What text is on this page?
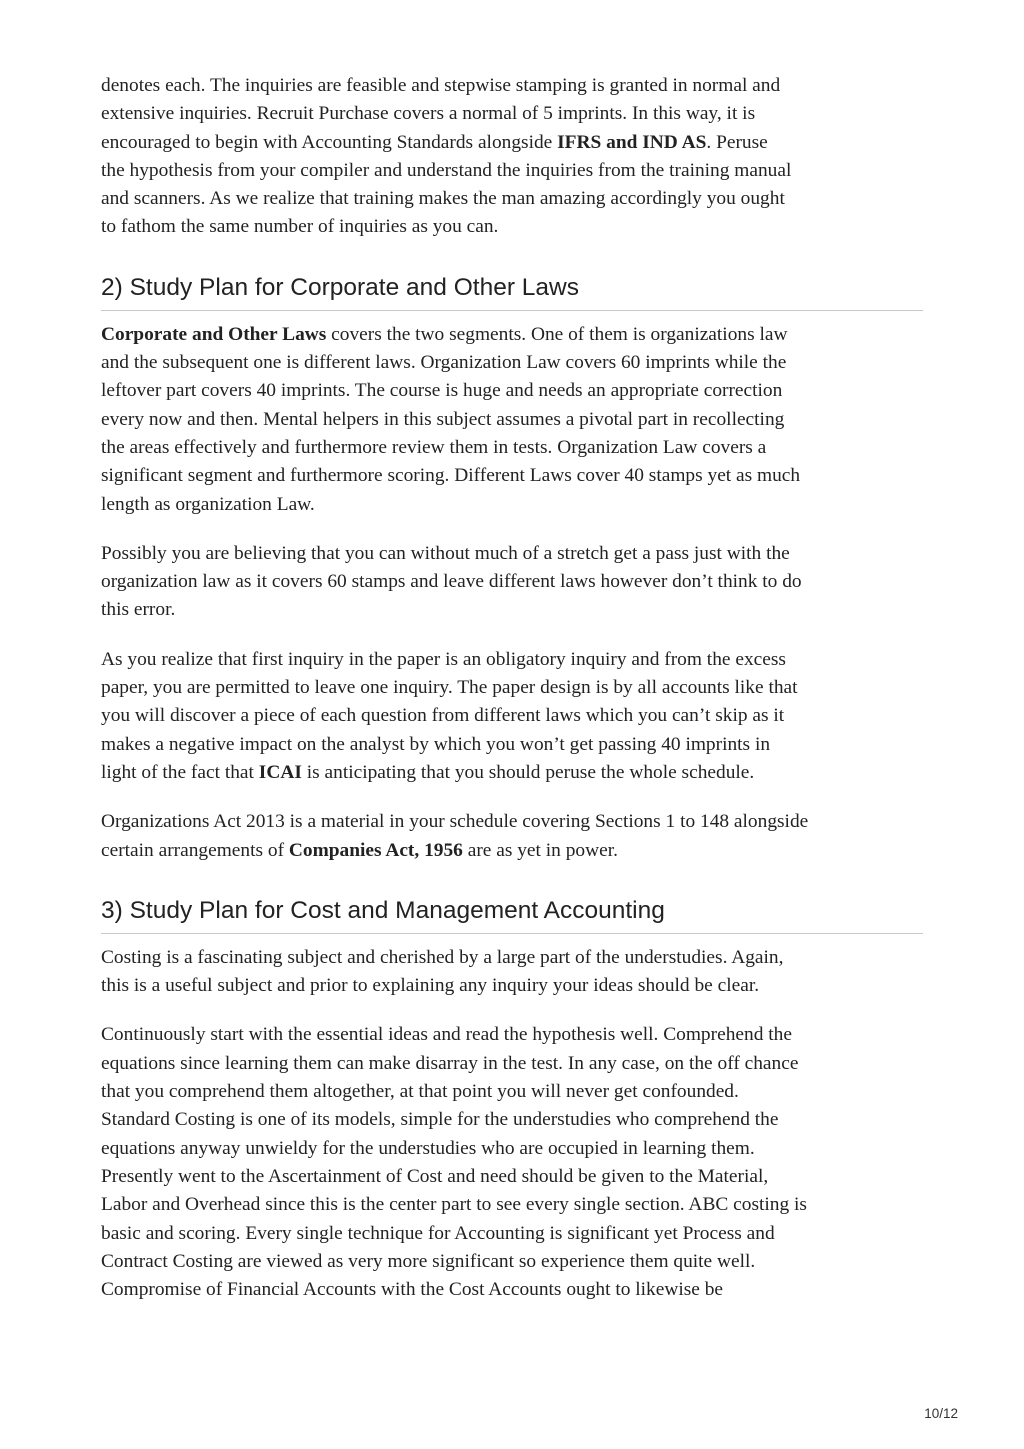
denotes each. The inquiries are feasible and stepwise stamping is granted in normal and
extensive inquiries. Recruit Purchase covers a normal of 5 imprints. In this way, it is
encouraged to begin with Accounting Standards alongside IFRS and IND AS. Peruse
the hypothesis from your compiler and understand the inquiries from the training manual
and scanners. As we realize that training makes the man amazing accordingly you ought
to fathom the same number of inquiries as you can.

2) Study Plan for Corporate and Other Laws

Corporate and Other Laws covers the two segments. One of them is organizations law
and the subsequent one is different laws. Organization Law covers 60 imprints while the
leftover part covers 40 imprints. The course is huge and needs an appropriate correction
every now and then. Mental helpers in this subject assumes a pivotal part in recollecting
the areas effectively and furthermore review them in tests. Organization Law covers a
significant segment and furthermore scoring. Different Laws cover 40 stamps yet as much
length as organization Law.

Possibly you are believing that you can without much of a stretch get a pass just with the
organization law as it covers 60 stamps and leave different laws however don’t think to do
this error.

As you realize that first inquiry in the paper is an obligatory inquiry and from the excess
paper, you are permitted to leave one inquiry. The paper design is by all accounts like that
you will discover a piece of each question from different laws which you can’t skip as it
makes a negative impact on the analyst by which you won’t get passing 40 imprints in
light of the fact that ICAI is anticipating that you should peruse the whole schedule.

Organizations Act 2013 is a material in your schedule covering Sections 1 to 148 alongside
certain arrangements of Companies Act, 1956 are as yet in power.

3) Study Plan for Cost and Management Accounting

Costing is a fascinating subject and cherished by a large part of the understudies. Again,
this is a useful subject and prior to explaining any inquiry your ideas should be clear.

Continuously start with the essential ideas and read the hypothesis well. Comprehend the
equations since learning them can make disarray in the test. In any case, on the off chance
that you comprehend them altogether, at that point you will never get confounded.
Standard Costing is one of its models, simple for the understudies who comprehend the
equations anyway unwieldy for the understudies who are occupied in learning them.
Presently went to the Ascertainment of Cost and need should be given to the Material,
Labor and Overhead since this is the center part to see every single section. ABC costing is
basic and scoring. Every single technique for Accounting is significant yet Process and
Contract Costing are viewed as very more significant so experience them quite well.
Compromise of Financial Accounts with the Cost Accounts ought to likewise be

10/12
